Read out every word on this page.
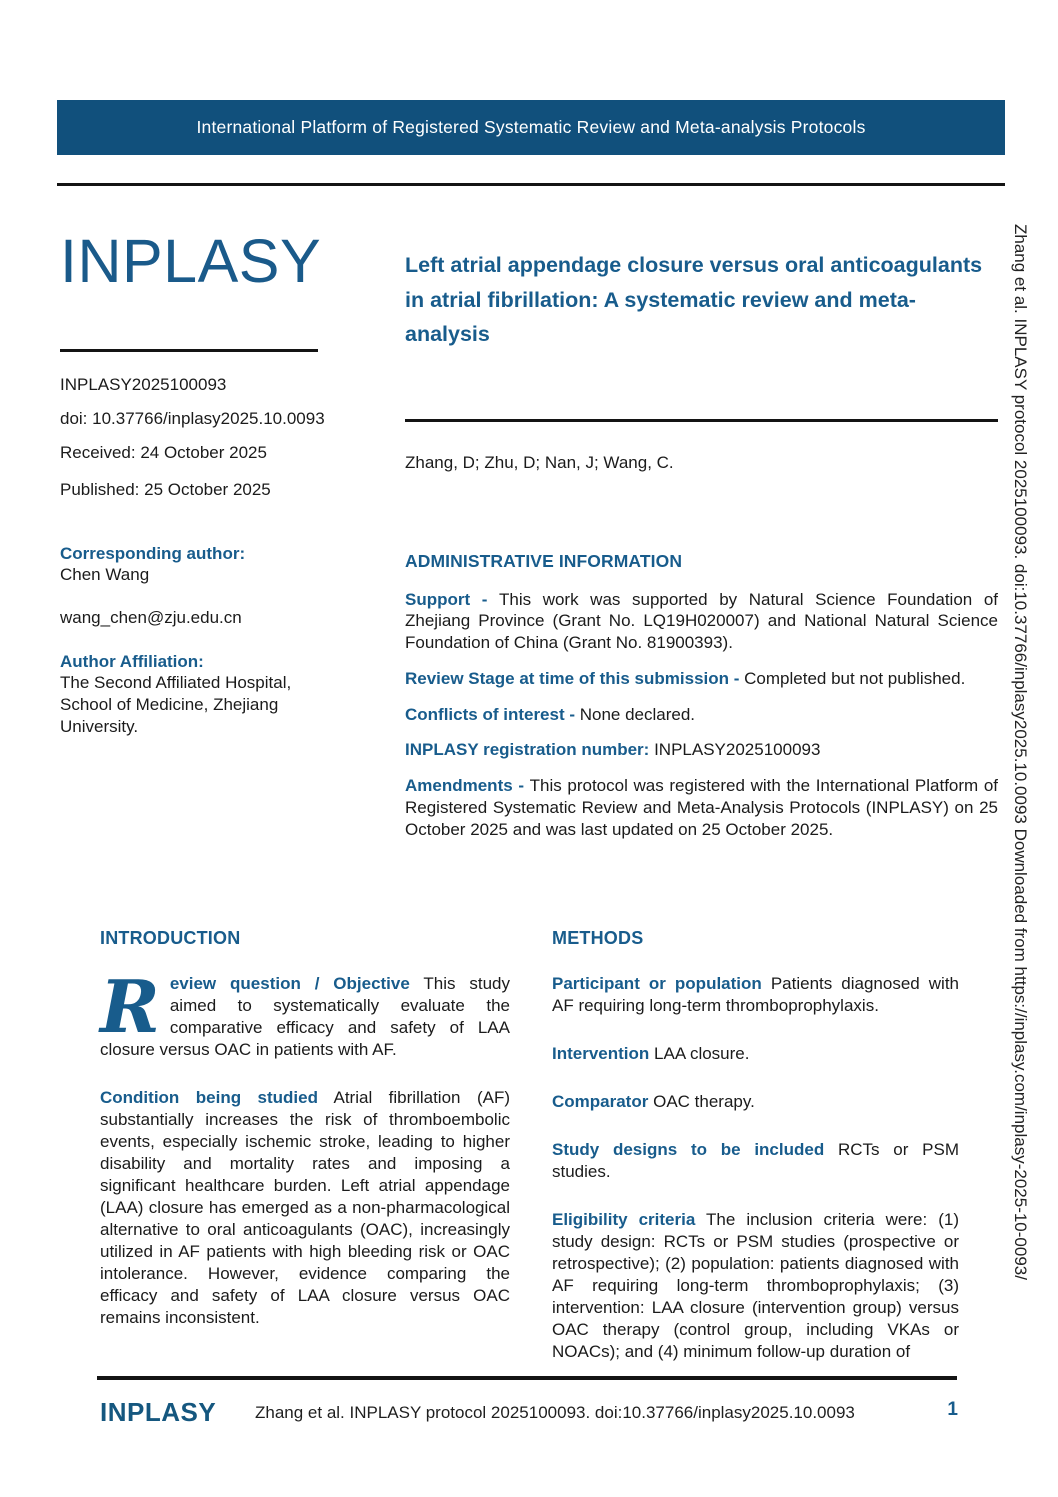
International Platform of Registered Systematic Review and Meta-analysis Protocols
INPLASY
INPLASY2025100093
doi: 10.37766/inplasy2025.10.0093
Received: 24 October 2025
Published: 25 October 2025
Corresponding author:
Chen Wang
wang_chen@zju.edu.cn
Author Affiliation:
The Second Affiliated Hospital, School of Medicine, Zhejiang University.
Left atrial appendage closure versus oral anticoagulants in atrial fibrillation: A systematic review and meta-analysis
Zhang, D; Zhu, D; Nan, J; Wang, C.
ADMINISTRATIVE INFORMATION

Support - This work was supported by Natural Science Foundation of Zhejiang Province (Grant No. LQ19H020007) and National Natural Science Foundation of China (Grant No. 81900393).

Review Stage at time of this submission - Completed but not published.

Conflicts of interest - None declared.

INPLASY registration number: INPLASY2025100093

Amendments - This protocol was registered with the International Platform of Registered Systematic Review and Meta-Analysis Protocols (INPLASY) on 25 October 2025 and was last updated on 25 October 2025.

INTRODUCTION

Review question / Objective This study aimed to systematically evaluate the comparative efficacy and safety of LAA closure versus OAC in patients with AF.

Condition being studied Atrial fibrillation (AF) substantially increases the risk of thromboembolic events, especially ischemic stroke, leading to higher disability and mortality rates and imposing a significant healthcare burden. Left atrial appendage (LAA) closure has emerged as a non-pharmacological alternative to oral anticoagulants (OAC), increasingly utilized in AF patients with high bleeding risk or OAC intolerance. However, evidence comparing the efficacy and safety of LAA closure versus OAC remains inconsistent.

METHODS

Participant or population Patients diagnosed with AF requiring long-term thromboprophylaxis.

Intervention LAA closure.

Comparator OAC therapy.

Study designs to be included RCTs or PSM studies.

Eligibility criteria The inclusion criteria were: (1) study design: RCTs or PSM studies (prospective or retrospective); (2) population: patients diagnosed with AF requiring long-term thromboprophylaxis; (3) intervention: LAA closure (intervention group) versus OAC therapy (control group, including VKAs or NOACs); and (4) minimum follow-up duration of

Zhang et al. INPLASY protocol 2025100093. doi:10.37766/inplasy2025.10.0093 Downloaded from https://inplasy.com/inplasy-2025-10-0093/
INPLASY Zhang et al. INPLASY protocol 2025100093. doi:10.37766/inplasy2025.10.0093	1
